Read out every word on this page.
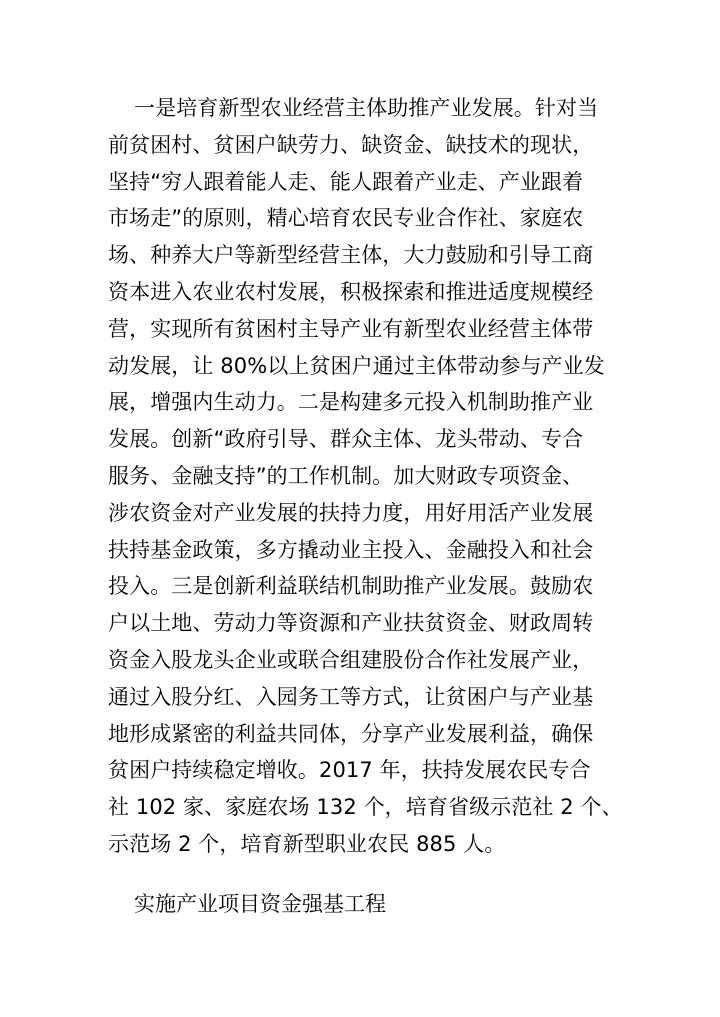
一是培育新型农业经营主体助推产业发展。针对当
前贫困村、贫困户缺劳力、缺资金、缺技术的现状，
坚持“穷人跟着能人走、能人跟着产业走、产业跟着
市场走”的原则，精心培育农民专业合作社、家庭农
场、种养大户等新型经营主体，大力鼓励和引导工商
资本进入农业农村发展，积极探索和推进适度规模经
营，实现所有贫困村主导产业有新型农业经营主体带
动发展，让 80%以上贫困户通过主体带动参与产业发
展，增强内生动力。二是构建多元投入机制助推产业
发展。创新“政府引导、群众主体、龙头带动、专合
服务、金融支持”的工作机制。加大财政专项资金、
涉农资金对产业发展的扶持力度，用好用活产业发展
扶持基金政策，多方撬动业主投入、金融投入和社会
投入。三是创新利益联结机制助推产业发展。鼓励农
户以土地、劳动力等资源和产业扶贫资金、财政周转
资金入股龙头企业或联合组建股份合作社发展产业，
通过入股分红、入园务工等方式，让贫困户与产业基
地形成紧密的利益共同体，分享产业发展利益，确保
贫困户持续稳定增收。2017 年，扶持发展农民专合
社 102 家、家庭农场 132 个，培育省级示范社 2 个、
示范场 2 个，培育新型职业农民 885 人。
实施产业项目资金强基工程
